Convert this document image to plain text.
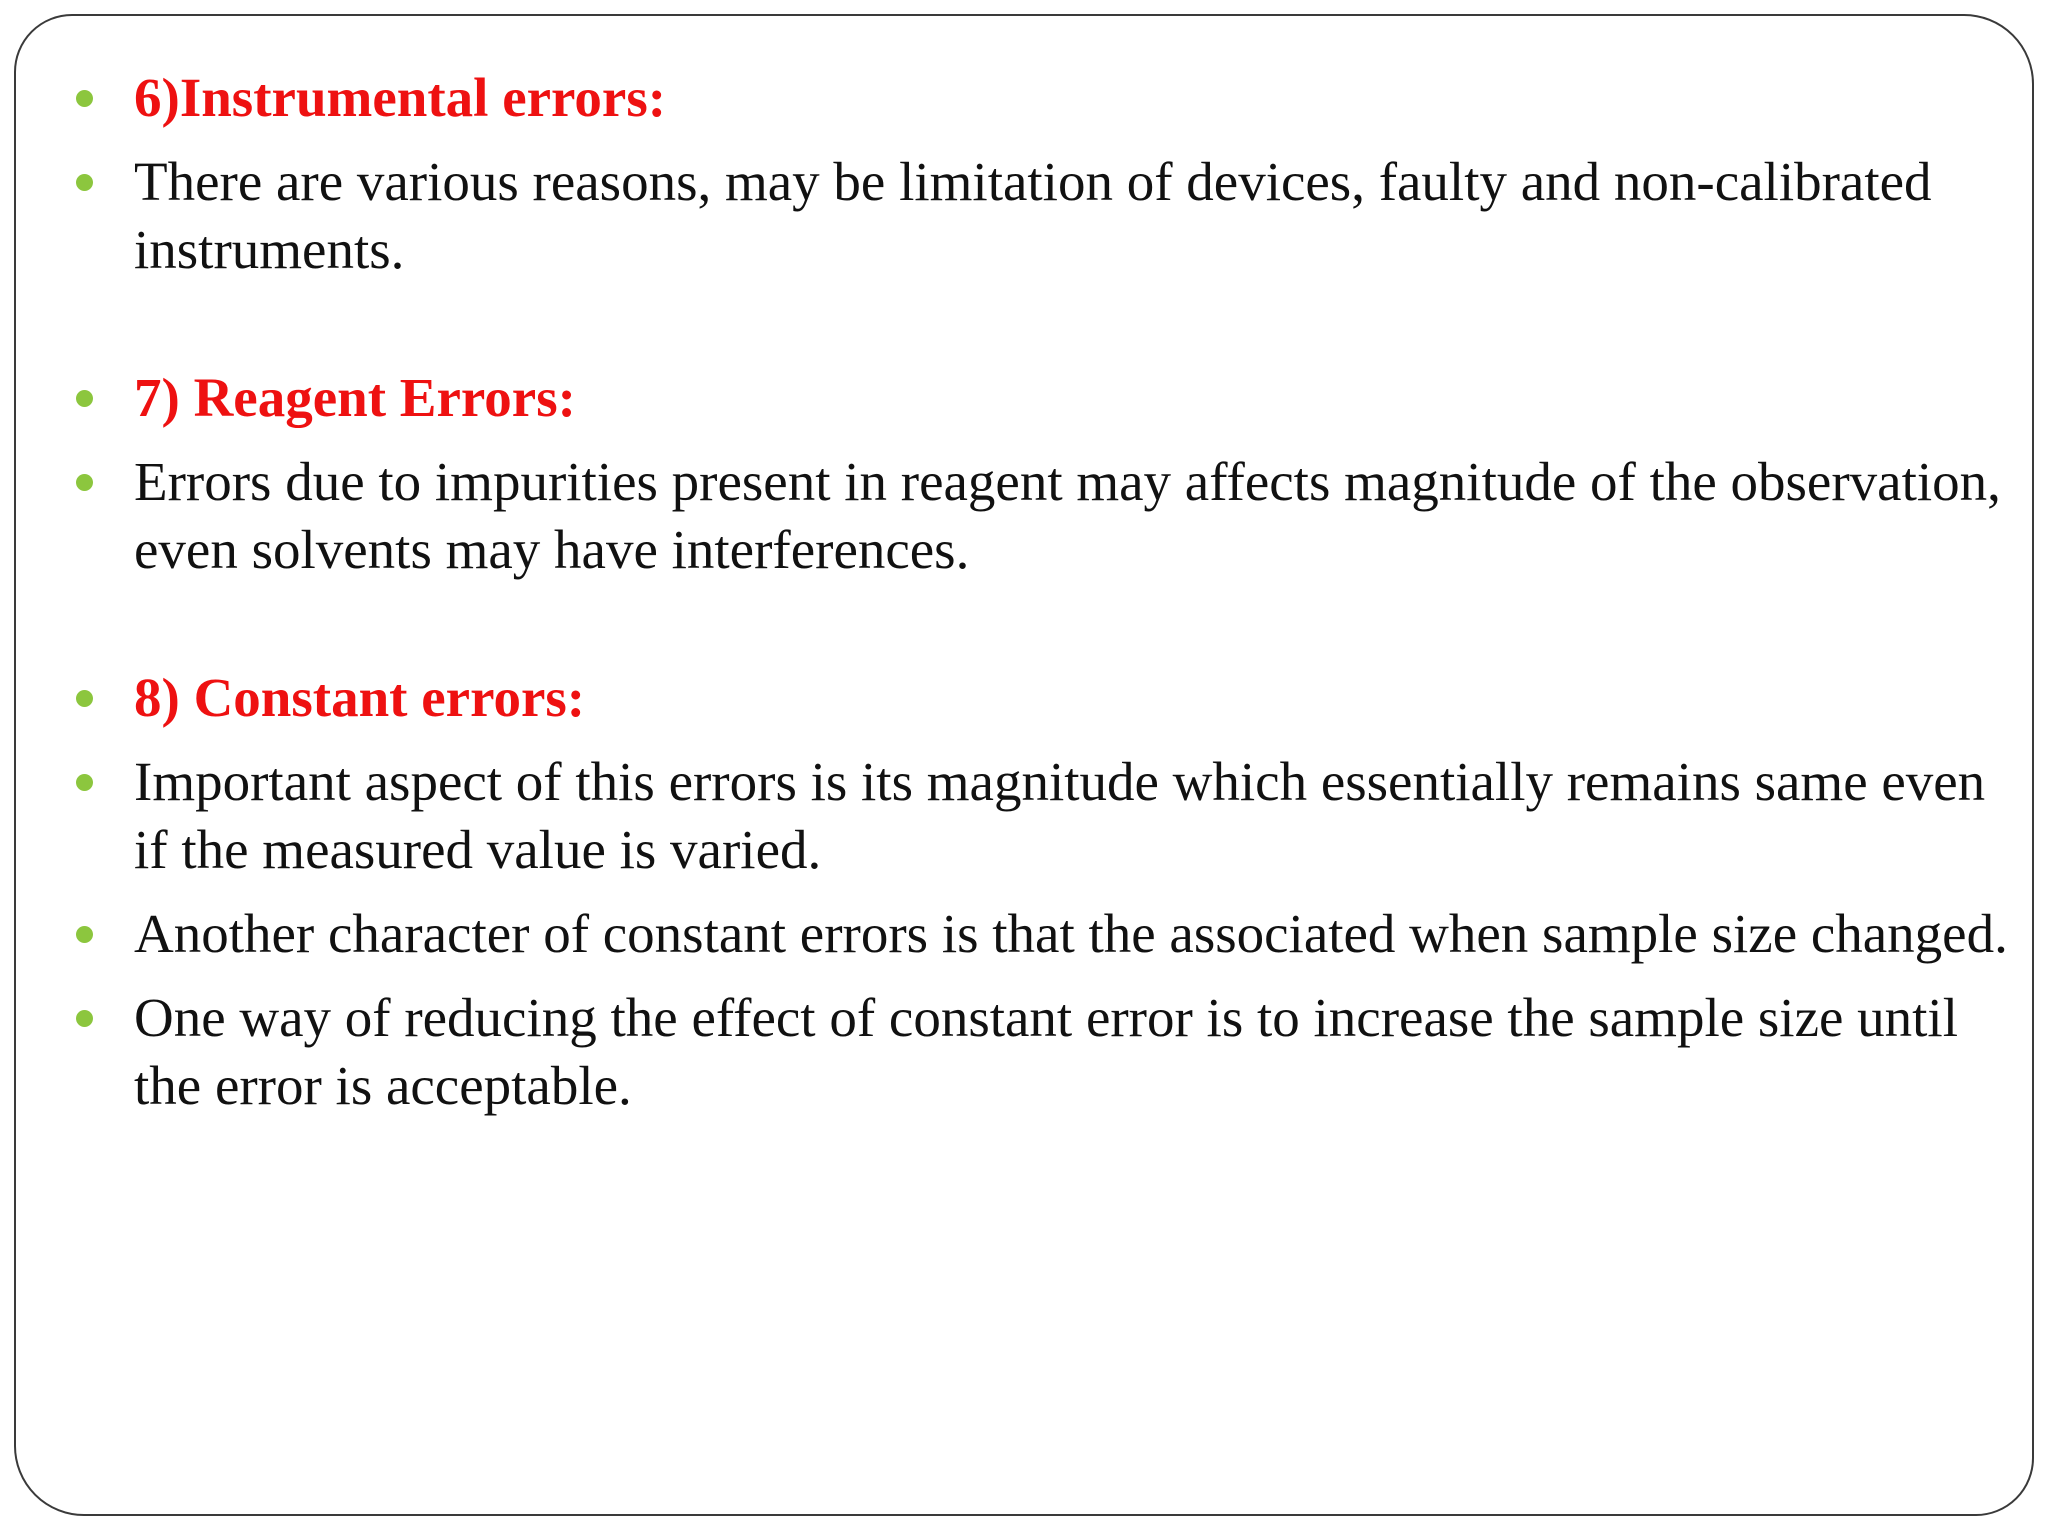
6)Instrumental errors:
There are various reasons, may be limitation of devices, faulty and non-calibrated instruments.
7) Reagent Errors:
Errors due to impurities present in reagent may affects magnitude of the observation, even solvents may have interferences.
8) Constant errors:
Important aspect of this errors is its magnitude which essentially remains same even if the measured value is varied.
Another character of constant errors is that the associated when sample size changed.
One way of reducing the effect of constant error is to increase the sample size until the error is acceptable.
